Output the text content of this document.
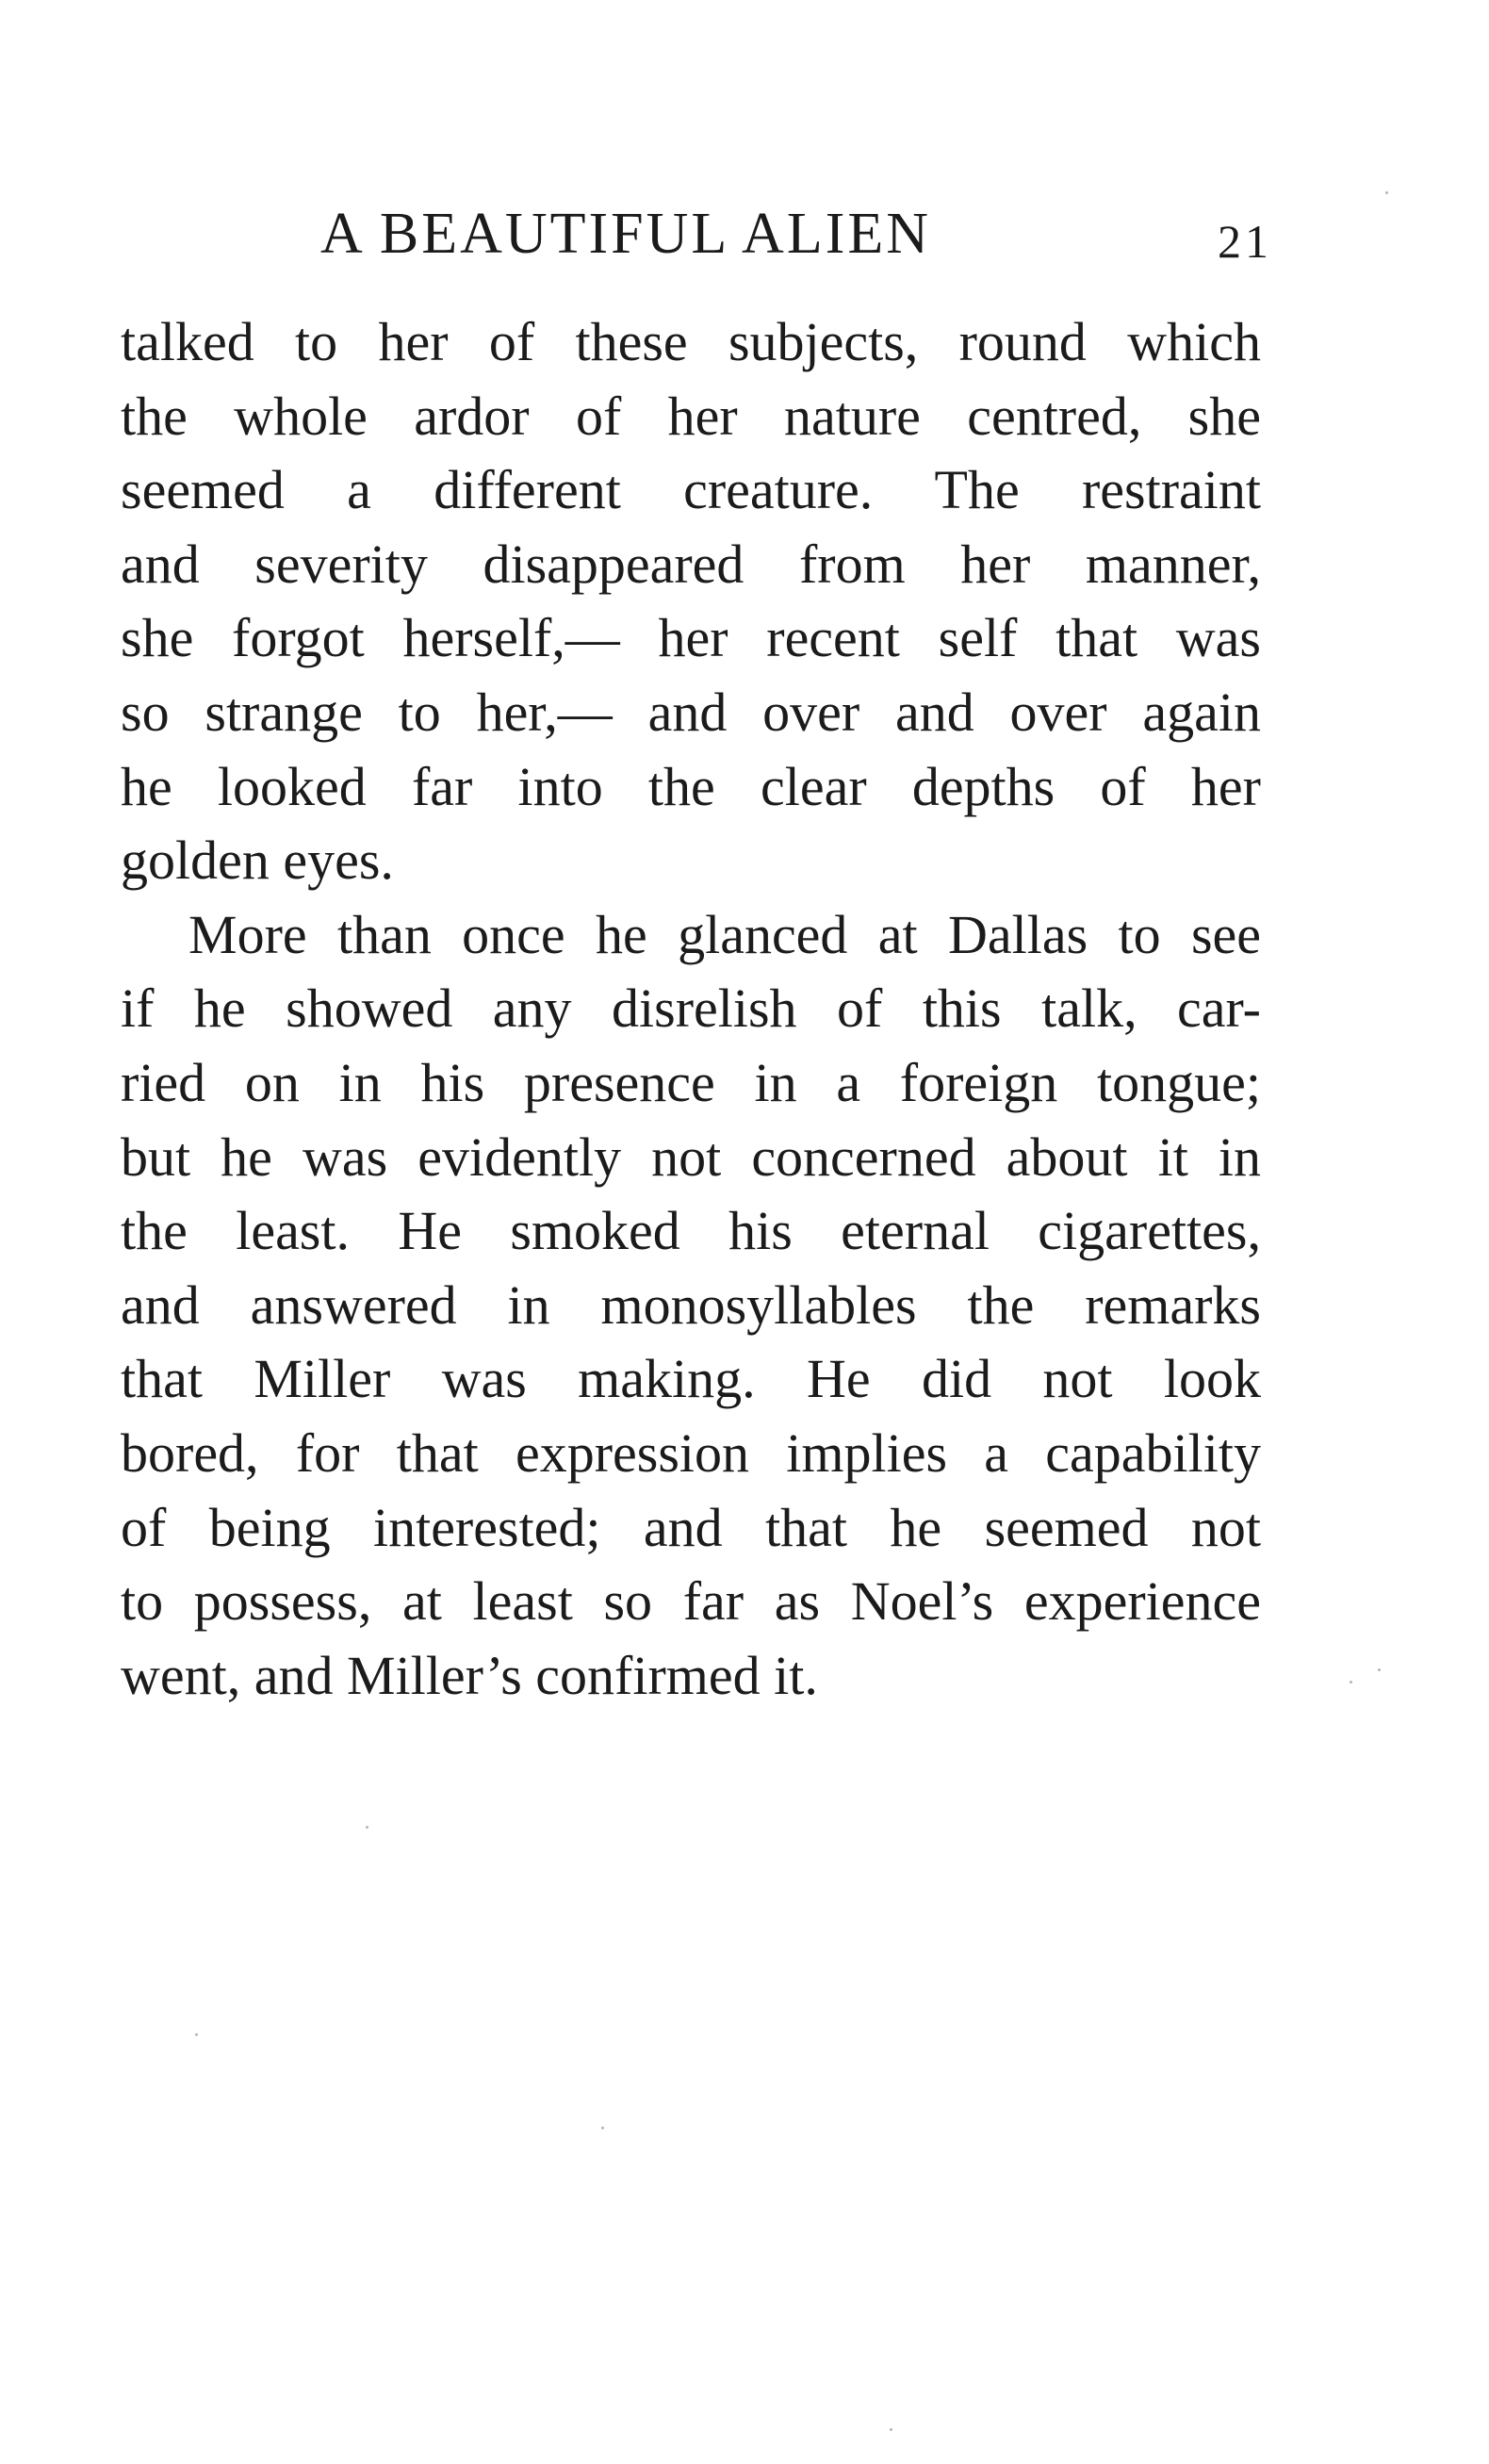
A BEAUTIFUL ALIEN	21
talked to her of these subjects, round which
the whole ardor of her nature centred, she
seemed a different creature. The restraint
and severity disappeared from her manner,
she forgot herself,— her recent self that was
so strange to her,— and over and over again
he looked far into the clear depths of her
golden eyes.
More than once he glanced at Dallas to see
if he showed any disrelish of this talk, car-
ried on in his presence in a foreign tongue;
but he was evidently not concerned about it in
the least. He smoked his eternal cigarettes,
and answered in monosyllables the remarks
that Miller was making. He did not look
bored, for that expression implies a capability
of being interested; and that he seemed not
to possess, at least so far as Noel’s experience
went, and Miller’s confirmed it.
